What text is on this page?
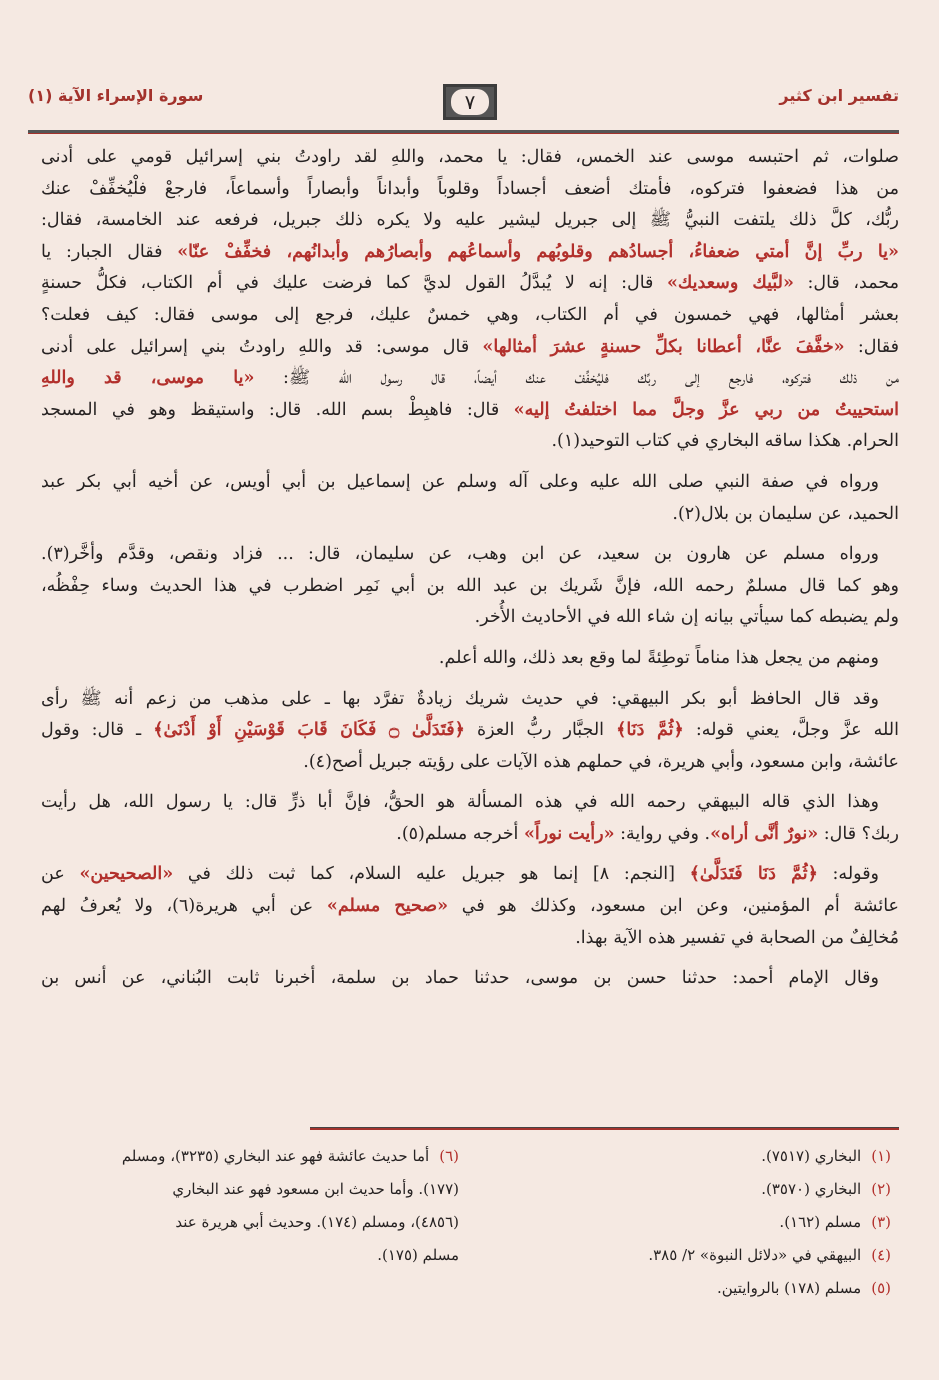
تفسير ابن كثير
٧
سورة الإسراء الآية (١)
صلوات، ثم احتبسه موسى عند الخمس، فقال: يا محمد، واللهِ لقد راودتُ بني إسرائيل قومي على أدنى
من هذا فضعفوا فتركوه، فأمتك أضعف أجساداً وقلوباً وأبداناً وأبصاراً وأسماعاً، فارجعْ فلْيُخفِّفْ عنك
ربُّك، كلَّ ذلك يلتفت النبيُّ ﷺ إلى جبريل ليشير عليه ولا يكره ذلك جبريل، فرفعه عند الخامسة، فقال:
«يا ربِّ إنَّ أمتي ضعفاءُ، أجسادُهم وقلوبُهم وأسماعُهم وأبصارُهم وأبدانُهم، فخفِّفْ عنّا» فقال الجبار: يا
محمد، قال: «لبَّيك وسعديك» قال: إنه لا يُبدَّلُ القول لديَّ كما فرضت عليك في أم الكتاب، فكلُّ حسنةٍ
بعشر أمثالها، فهي خمسون في أم الكتاب، وهي خمسٌ عليك، فرجع إلى موسى فقال: كيف فعلت؟
فقال: «خفَّفَ عنَّا، أعطانا بكلِّ حسنةٍ عشرَ أمثالها» قال موسى: قد واللهِ راودتُ بني إسرائيل على أدنى
من ذلك فتركوه، فارجع إلى ربِّك فليُخفِّفْ عنك أيضاً، قال رسول الله ﷺ: «يا موسى، قد واللهِ
استحييتُ من ربي عزَّ وجلَّ مما اختلفتُ إليه» قال: فاهبِطْ بسم الله. قال: واستيقظ وهو في المسجد
الحرام. هكذا ساقه البخاري في كتاب التوحيد(١).
ورواه في صفة النبي صلى الله عليه وعلى آله وسلم عن إسماعيل بن أبي أويس، عن أخيه أبي بكر عبد
الحميد، عن سليمان بن بلال(٢).
ورواه مسلم عن هارون بن سعيد، عن ابن وهب، عن سليمان، قال: ... فزاد ونقص، وقدَّم وأخَّر(٣).
وهو كما قال مسلمٌ رحمه الله، فإنَّ شَريك بن عبد الله بن أبي نَمِر اضطرب في هذا الحديث وساء حِفْظُه،
ولم يضبطه كما سيأتي بيانه إن شاء الله في الأحاديث الأُخر.
ومنهم من يجعل هذا مناماً توطِئةً لما وقع بعد ذلك، والله أعلم.
وقد قال الحافظ أبو بكر البيهقي: في حديث شريك زيادةٌ تفرَّد بها ـ على مذهب من زعم أنه ﷺ رأى
الله عزَّ وجلَّ، يعني قوله: ﴿ثُمَّ دَنَا﴾ الجبَّار ربُّ العزة ﴿فَتَدَلَّىٰ ۝ فَكَانَ قَابَ قَوْسَيْنِ أَوْ أَدْنَىٰ﴾ ـ قال: وقول
عائشة، وابن مسعود، وأبي هريرة، في حملهم هذه الآيات على رؤيته جبريل أصح(٤).
وهذا الذي قاله البيهقي رحمه الله في هذه المسألة هو الحقُّ، فإنَّ أبا ذرٍّ قال: يا رسول الله، هل رأيت
ربك؟ قال: «نورٌ أنَّى أراه». وفي رواية: «رأيت نوراً» أخرجه مسلم(٥).
وقوله: ﴿ثُمَّ دَنَا فَتَدَلَّىٰ﴾ [النجم: ٨] إنما هو جبريل عليه السلام، كما ثبت ذلك في «الصحيحين» عن
عائشة أم المؤمنين، وعن ابن مسعود، وكذلك هو في «صحيح مسلم» عن أبي هريرة(٦)، ولا يُعرفُ لهم
مُخالِفٌ من الصحابة في تفسير هذه الآية بهذا.
وقال الإمام أحمد: حدثنا حسن بن موسى، حدثنا حماد بن سلمة، أخبرنا ثابت البُناني، عن أنس بن
(١)البخاري (٧٥١٧).
(٢)البخاري (٣٥٧٠).
(٣)مسلم (١٦٢).
(٤)البيهقي في «دلائل النبوة» ٢/ ٣٨٥.
(٥)مسلم (١٧٨) بالروايتين.
(٦)أما حديث عائشة فهو عند البخاري (٣٢٣٥)، ومسلم
(١٧٧). وأما حديث ابن مسعود فهو عند البخاري
(٤٨٥٦)، ومسلم (١٧٤). وحديث أبي هريرة عند
مسلم (١٧٥).
